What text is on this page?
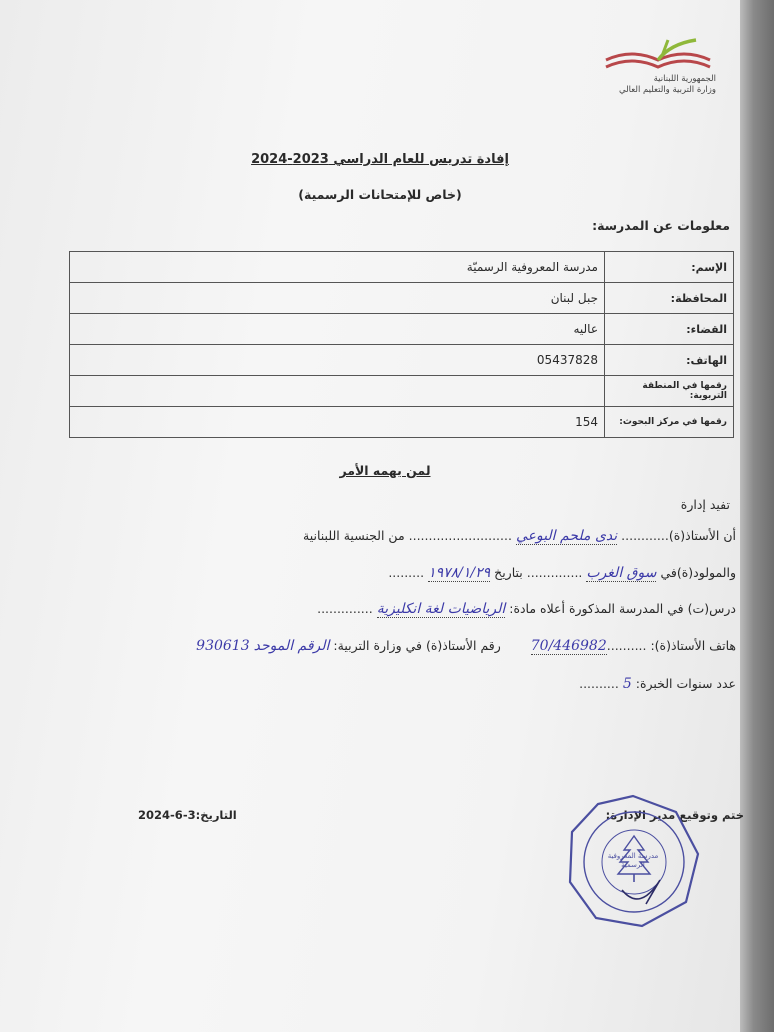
الجمهورية اللبنانية
وزارة التربية والتعليم العالي
إفادة تدريس للعام الدراسي 2023-2024
(خاص للإمتحانات الرسمية)
معلومات عن المدرسة:
الإسم:	مدرسة المعروفية الرسميّة
المحافظة:	جبل لبنان
القضاء:	عاليه
الهاتف:	05437828
رقمها في المنطقة التربوية:	
رقمها في مركز البحوث:	154
لمن يهمه الأمر
تفيد إدارة
أن الأستاذ(ة)............ ندى ملحم البوعي .......................... من الجنسية اللبنانية
والمولود(ة)في سوق الغرب .............. بتاريخ ١٩٧٨/١/٢٩ .........
درس(ت) في المدرسة المذكورة أعلاه مادة: الرياضيات لغة انكليزية ..............
هاتف الأستاذ(ة): ..........70/446982  رقم الأستاذ(ة) في وزارة التربية: الرقم الموحد 930613
عدد سنوات الخبرة: 5 ..........
ختم وتوقيع مدير الإدارة:
التاريخ:3-6-2024
مدرسة المعروفية الرسمية
